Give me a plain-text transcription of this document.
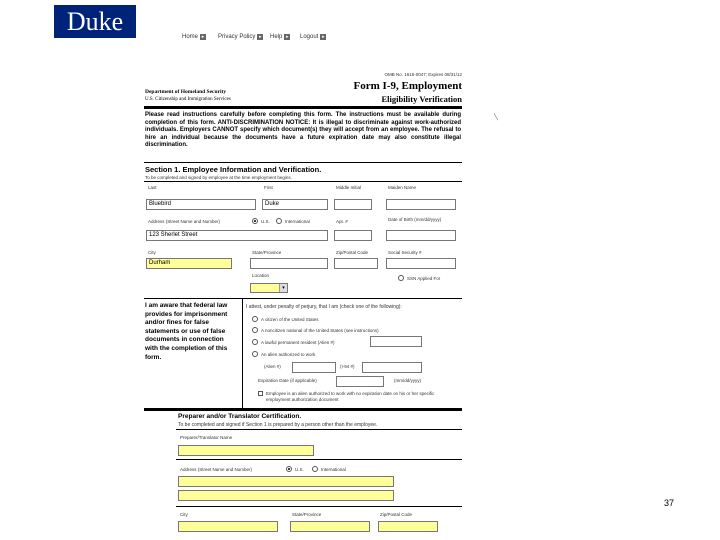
Duke
Home ▸ Privacy Policy ▸ Help ▸ Logout ▸
OMB No. 1615-0047; Expires 08/31/12
Form I-9, Employment
Eligibility Verification
Department of Homeland Security
U.S. Citizenship and Immigration Services
Please read instructions carefully before completing this form. The instructions must be available during completion of this form. ANTI-DISCRIMINATION NOTICE: It is illegal to discriminate against work-authorized individuals. Employers CANNOT specify which document(s) they will accept from an employee. The refusal to hire an individual because the documents have a future expiration date may also constitute illegal discrimination.
Section 1. Employee Information and Verification.
To be completed and signed by employee at the time employment begins.
Last	First	Middle Initial	Maiden Name
Bluebird	Duke
Address (Street Name and Number)	U.S.	International	Apt. #	Date of Birth (mm/dd/yyyy)
123 Sherlet Street
City	State/Province	Zip/Postal Code	Social Security #
Durham
Location
▾
SSN Applied For
I am aware that federal law provides for imprisonment and/or fines for false statements or use of false documents in connection with the completion of this form.
I attest, under penalty of perjury, that I am (check one of the following):
A citizen of the United States
A noncitizen national of the United States (see instructions)
A lawful permanent resident (Alien #)
An alien authorized to work
(Alien #)	(I-94 #)
Expiration Date (if applicable)	(mm/dd/yyyy)
Employee is an alien authorized to work with no expiration date on his or her specific employment authorization document
Preparer and/or Translator Certification.
To be completed and signed if Section 1 is prepared by a person other than the employee.
Preparer/Translator Name
Address (Street Name and Number)	U.S.	International
City	State/Province	Zip/Postal Code
⟋
37
